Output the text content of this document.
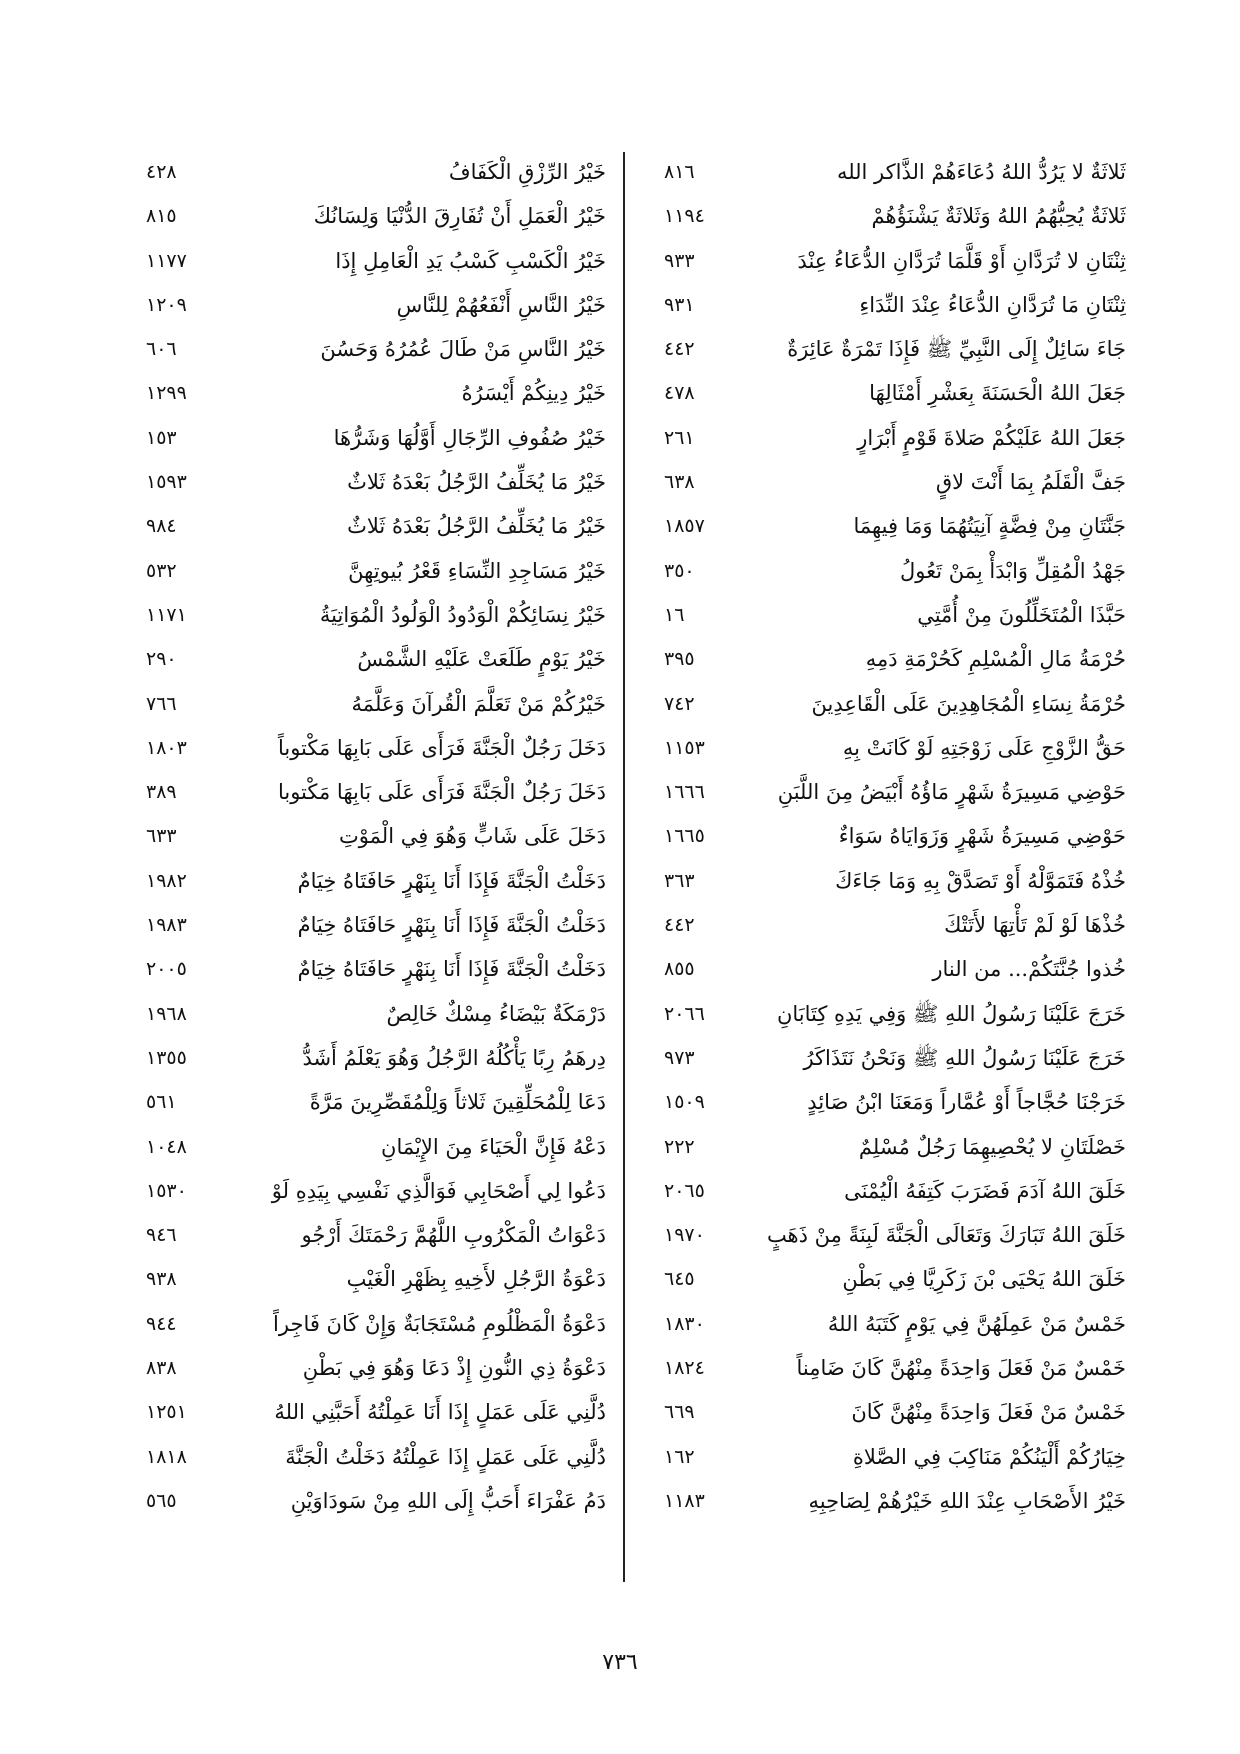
ثَلاثَةٌ لا يَرُدُّ اللهُ دُعَاءَهُمْ الذَّاكر الله
٨١٦
ثَلاثَةٌ يُحِبُّهُمُ اللهُ وَثَلاثَةٌ يَشْنَؤُهُمْ
١١٩٤
ثِنْتَانِ لا تُرَدَّانِ أَوْ قَلَّمَا تُرَدَّانِ الدُّعَاءُ عِنْدَ
٩٣٣
ثِنْتَانِ مَا تُرَدَّانِ الدُّعَاءُ عِنْدَ النِّدَاءِ
٩٣١
جَاءَ سَائِلٌ إِلَى النَّبِيِّ ﷺ فَإِذَا تَمْرَةٌ عَائِرَةٌ
٤٤٢
جَعَلَ اللهُ الْحَسَنَةَ بِعَشْرِ أَمْثَالِهَا
٤٧٨
جَعَلَ اللهُ عَلَيْكُمْ صَلاةَ قَوْمٍ أَبْرَارٍ
٢٦١
جَفَّ الْقَلَمُ بِمَا أَنْتَ لاقٍ
٦٣٨
جَنَّتَانِ مِنْ فِضَّةٍ آنِيَتُهُمَا وَمَا فِيهِمَا
١٨٥٧
جَهْدُ الْمُقِلِّ وَابْدَأْ بِمَنْ تَعُولُ
٣٥٠
حَبَّذَا الْمُتَخَلِّلُونَ مِنْ أُمَّتِي
١٦
حُرْمَةُ مَالِ الْمُسْلِمِ كَحُرْمَةِ دَمِهِ
٣٩٥
حُرْمَةُ نِسَاءِ الْمُجَاهِدِينَ عَلَى الْقَاعِدِينَ
٧٤٢
حَقُّ الزَّوْجِ عَلَى زَوْجَتِهِ لَوْ كَانَتْ بِهِ
١١٥٣
حَوْضِي مَسِيرَةُ شَهْرٍ مَاؤُهُ أَبْيَضُ مِنَ اللَّبَنِ
١٦٦٦
حَوْضِي مَسِيرَةُ شَهْرٍ وَزَوَايَاهُ سَوَاءٌ
١٦٦٥
خُذْهُ فَتَمَوَّلْهُ أَوْ تَصَدَّقْ بِهِ وَمَا جَاءَكَ
٣٦٣
خُذْهَا لَوْ لَمْ تَأْتِهَا لأَتَتْكَ
٤٤٢
خُذوا جُنَّتَكُمْ... من النار
٨٥٥
خَرَجَ عَلَيْنَا رَسُولُ اللهِ ﷺ وَفِي يَدِهِ كِتَابَانِ
٢٠٦٦
خَرَجَ عَلَيْنَا رَسُولُ اللهِ ﷺ وَنَحْنُ نَتَذَاكَرُ
٩٧٣
خَرَجْنَا حُجَّاجاً أَوْ عُمَّاراً وَمَعَنَا ابْنُ صَائِدٍ
١٥٠٩
خَصْلَتَانِ لا يُحْصِيهِمَا رَجُلٌ مُسْلِمٌ
٢٢٢
خَلَقَ اللهُ آدَمَ فَضَرَبَ كَتِفَهُ الْيُمْنَى
٢٠٦٥
خَلَقَ اللهُ تَبَارَكَ وَتَعَالَى الْجَنَّةَ لَبِنَةً مِنْ ذَهَبٍ
١٩٧٠
خَلَقَ اللهُ يَحْيَى بْنَ زَكَرِيَّا فِي بَطْنِ
٦٤٥
خَمْسٌ مَنْ عَمِلَهُنَّ فِي يَوْمٍ كَتَبَهُ اللهُ
١٨٣٠
خَمْسٌ مَنْ فَعَلَ وَاحِدَةً مِنْهُنَّ كَانَ ضَامِناً
١٨٢٤
خَمْسٌ مَنْ فَعَلَ وَاحِدَةً مِنْهُنَّ كَانَ
٦٦٩
خِيَارُكُمْ أَلْيَنُكُمْ مَنَاكِبَ فِي الصَّلاةِ
١٦٢
خَيْرُ الأَصْحَابِ عِنْدَ اللهِ خَيْرُهُمْ لِصَاحِبِهِ
١١٨٣
خَيْرُ الرِّزْقِ الْكَفَافُ
٤٢٨
خَيْرُ الْعَمَلِ أَنْ تُفَارِقَ الدُّنْيَا وَلِسَانُكَ
٨١٥
خَيْرُ الْكَسْبِ كَسْبُ يَدِ الْعَامِلِ إِذَا
١١٧٧
خَيْرُ النَّاسِ أَنْفَعُهُمْ لِلنَّاسِ
١٢٠٩
خَيْرُ النَّاسِ مَنْ طَالَ عُمُرُهُ وَحَسُنَ
٦٠٦
خَيْرُ دِينِكُمْ أَيْسَرُهُ
١٢٩٩
خَيْرُ صُفُوفِ الرِّجَالِ أَوَّلُهَا وَشَرُّهَا
١٥٣
خَيْرُ مَا يُخَلِّفُ الرَّجُلُ بَعْدَهُ ثَلاثٌ
١٥٩٣
خَيْرُ مَا يُخَلِّفُ الرَّجُلُ بَعْدَهُ ثَلاثٌ
٩٨٤
خَيْرُ مَسَاجِدِ النِّسَاءِ قَعْرُ بُيوتِهِنَّ
٥٣٢
خَيْرُ نِسَائِكُمْ الْوَدُودُ الْوَلُودُ الْمُوَاتِيَةُ
١١٧١
خَيْرُ يَوْمٍ طَلَعَتْ عَلَيْهِ الشَّمْسُ
٢٩٠
خَيْرُكُمْ مَنْ تَعَلَّمَ الْقُرآنَ وَعَلَّمَهُ
٧٦٦
دَخَلَ رَجُلٌ الْجَنَّةَ فَرَأَى عَلَى بَابِهَا مَكْتوباً
١٨٠٣
دَخَلَ رَجُلٌ الْجَنَّةَ فَرَأَى عَلَى بَابِهَا مَكْتوبا
٣٨٩
دَخَلَ عَلَى شَابٍّ وَهُوَ فِي الْمَوْتِ
٦٣٣
دَخَلْتُ الْجَنَّةَ فَإِذَا أَنَا بِنَهْرٍ حَافَتَاهُ خِيَامٌ
١٩٨٢
دَخَلْتُ الْجَنَّةَ فَإِذَا أَنَا بِنَهْرٍ حَافَتَاهُ خِيَامٌ
١٩٨٣
دَخَلْتُ الْجَنَّةَ فَإِذَا أَنَا بِنَهْرٍ حَافَتَاهُ خِيَامٌ
٢٠٠٥
دَرْمَكَةٌ بَيْضَاءُ مِسْكٌ خَالِصٌ
١٩٦٨
دِرهَمُ رِبًا يَأْكُلُهُ الرَّجُلُ وَهُوَ يَعْلَمُ أَشَدُّ
١٣٥٥
دَعَا لِلْمُحَلِّقِينَ ثَلاثاً وَلِلْمُقَصِّرِينَ مَرَّةً
٥٦١
دَعْهُ فَإِنَّ الْحَيَاءَ مِنَ الإِيْمَانِ
١٠٤٨
دَعُوا لِي أَصْحَابِي فَوَالَّذِي نَفْسِي بِيَدِهِ لَوْ
١٥٣٠
دَعْوَاتُ الْمَكْرُوبِ اللَّهُمَّ رَحْمَتَكَ أَرْجُو
٩٤٦
دَعْوَةُ الرَّجُلِ لأَخِيهِ بِظَهْرِ الْغَيْبِ
٩٣٨
دَعْوَةُ الْمَظْلُومِ مُسْتَجَابَةٌ وَإِنْ كَانَ فَاجِراً
٩٤٤
دَعْوَةُ ذِي النُّونِ إِذْ دَعَا وَهُوَ فِي بَطْنِ
٨٣٨
دُلَّنِي عَلَى عَمَلٍ إِذَا أَنَا عَمِلْتُهُ أَحَبَّنِي اللهُ
١٢٥١
دُلَّنِي عَلَى عَمَلٍ إِذَا عَمِلْتُهُ دَخَلْتُ الْجَنَّةَ
١٨١٨
دَمُ عَفْرَاءَ أَحَبُّ إِلَى اللهِ مِنْ سَودَاوَيْنِ
٥٦٥
٧٣٦
